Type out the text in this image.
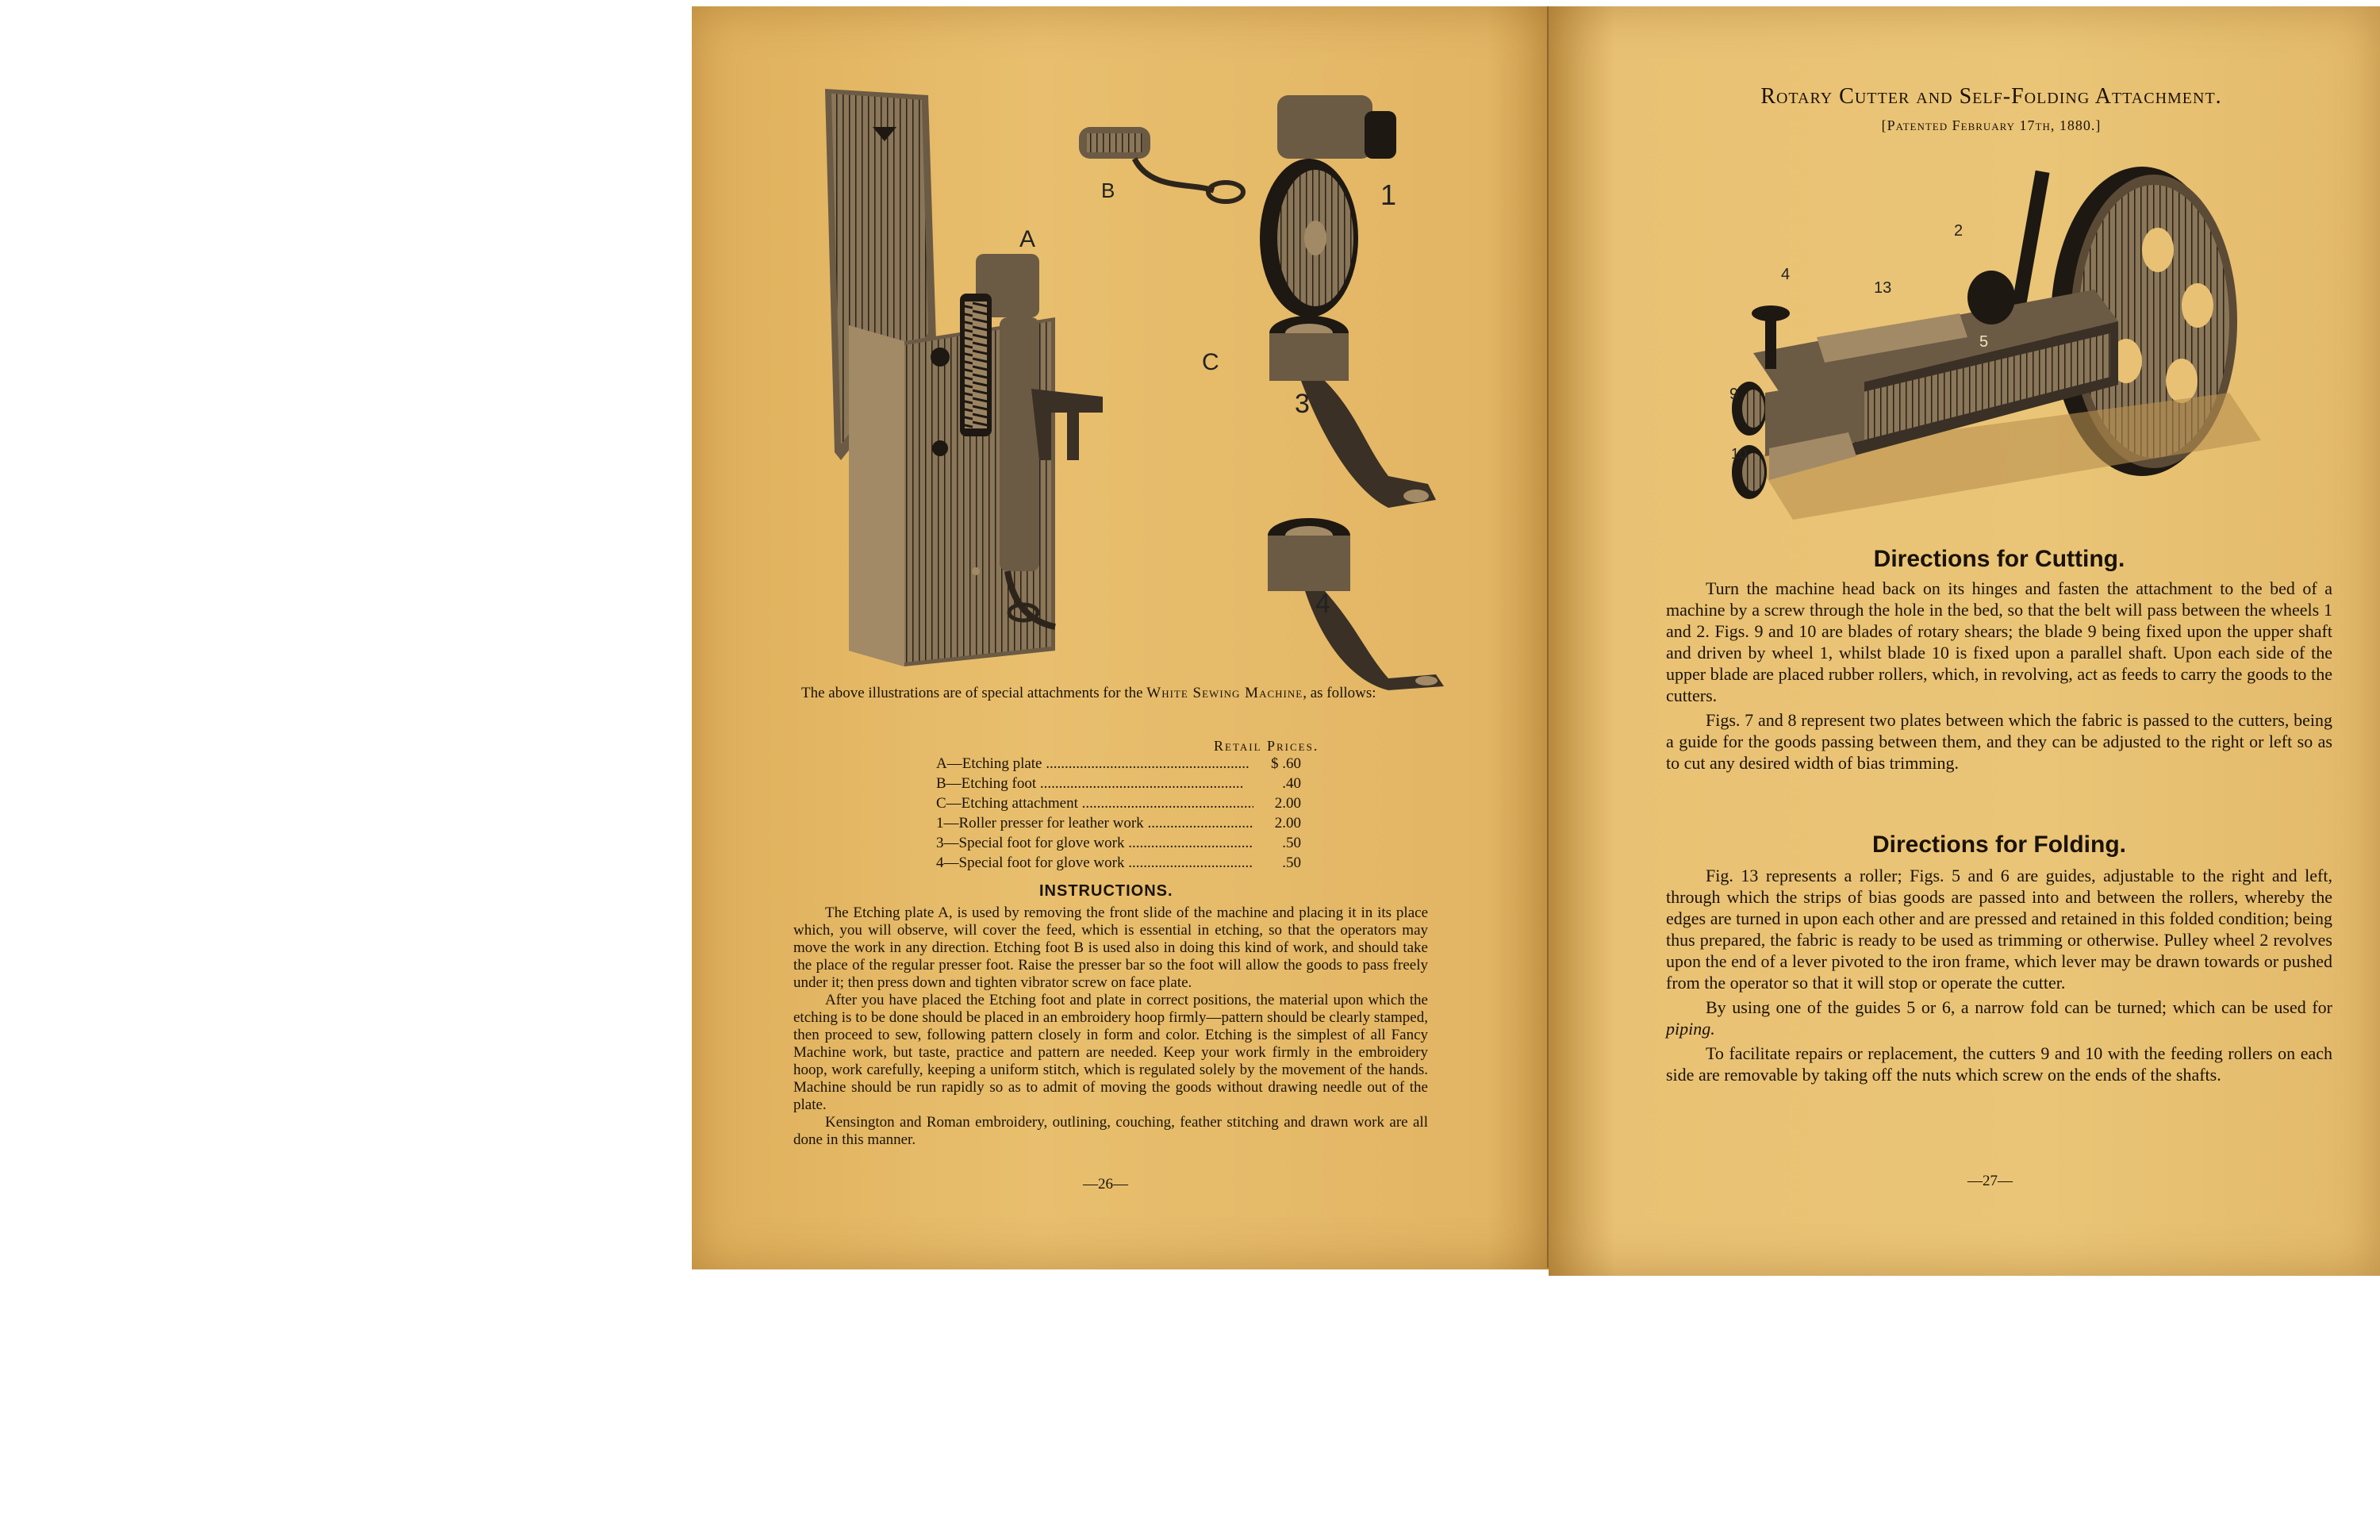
A
B
C
1
3
4
The above illustrations are of special attachments for the White Sewing Machine, as follows:
Retail Prices.
A—Etching plate .....	$ .60
B—Etching foot .....	.40
C—Etching attachment .....	2.00
1—Roller presser for leather work .....	2.00
3—Special foot for glove work .....	.50
4—Special foot for glove work .....	.50
INSTRUCTIONS.

The Etching plate A, is used by removing the front slide of the machine and placing it in its place which, you will observe, will cover the feed, which is essential in etching, so that the operators may move the work in any direction. Etching foot B is used also in doing this kind of work, and should take the place of the regular presser foot. Raise the presser bar so the foot will allow the goods to pass freely under it; then press down and tighten vibrator screw on face plate.

After you have placed the Etching foot and plate in correct positions, the material upon which the etching is to be done should be placed in an embroidery hoop firmly—pattern should be clearly stamped, then proceed to sew, following pattern closely in form and color. Etching is the simplest of all Fancy Machine work, but taste, practice and pattern are needed. Keep your work firmly in the embroidery hoop, work carefully, keeping a uniform stitch, which is regulated solely by the movement of the hands. Machine should be run rapidly so as to admit of moving the goods without drawing needle out of the plate.

Kensington and Roman embroidery, outlining, couching, feather stitching and drawn work are all done in this manner.

—26—
Rotary Cutter and Self-Folding Attachment.
[Patented February 17th, 1880.]
2
4
13
5
9
10
Directions for Cutting.

Turn the machine head back on its hinges and fasten the attachment to the bed of a machine by a screw through the hole in the bed, so that the belt will pass between the wheels 1 and 2. Figs. 9 and 10 are blades of rotary shears; the blade 9 being fixed upon the upper shaft and driven by wheel 1, whilst blade 10 is fixed upon a parallel shaft. Upon each side of the upper blade are placed rubber rollers, which, in revolving, act as feeds to carry the goods to the cutters.

Figs. 7 and 8 represent two plates between which the fabric is passed to the cutters, being a guide for the goods passing between them, and they can be adjusted to the right or left so as to cut any desired width of bias trimming.

Directions for Folding.

Fig. 13 represents a roller; Figs. 5 and 6 are guides, adjustable to the right and left, through which the strips of bias goods are passed into and between the rollers, whereby the edges are turned in upon each other and are pressed and retained in this folded condition; being thus prepared, the fabric is ready to be used as trimming or otherwise. Pulley wheel 2 revolves upon the end of a lever pivoted to the iron frame, which lever may be drawn towards or pushed from the operator so that it will stop or operate the cutter.

By using one of the guides 5 or 6, a narrow fold can be turned; which can be used for piping.

To facilitate repairs or replacement, the cutters 9 and 10 with the feeding rollers on each side are removable by taking off the nuts which screw on the ends of the shafts.

—27—
